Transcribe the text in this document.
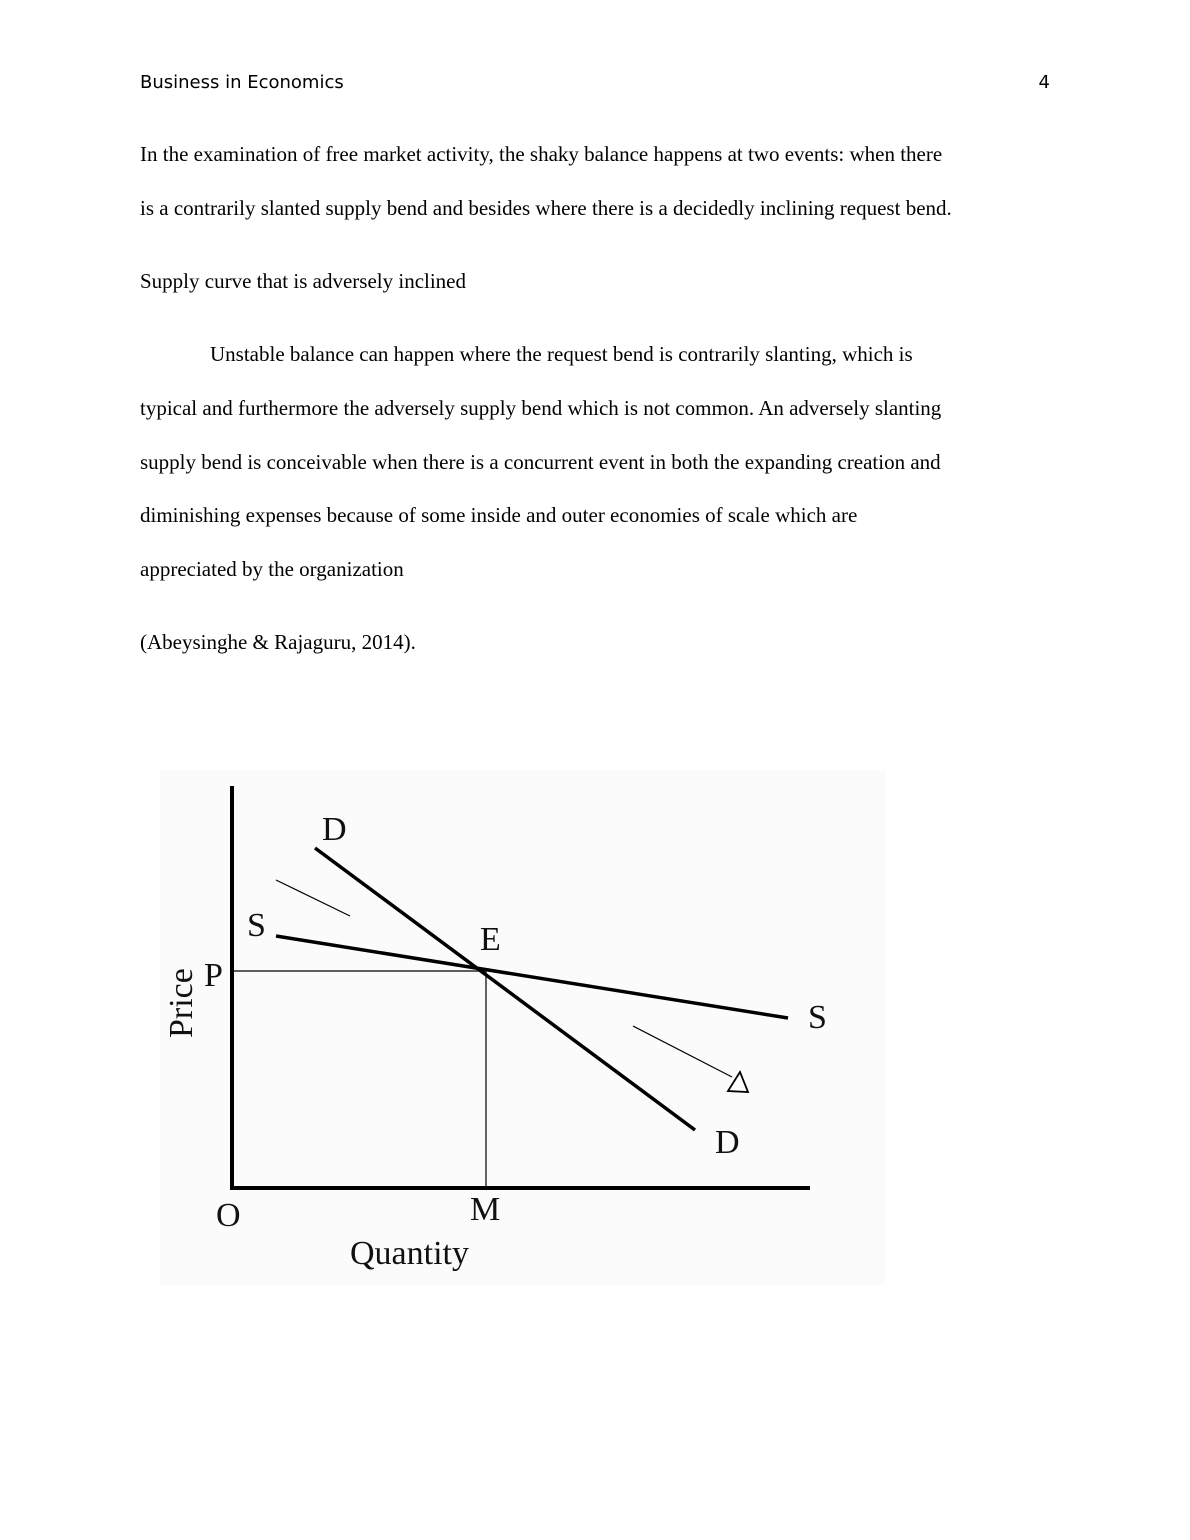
Business in Economics	4

In the examination of free market activity, the shaky balance happens at two events: when there

is a contrarily slanted supply bend and besides where there is a decidedly inclining request bend.

Supply curve that is adversely inclined

Unstable balance can happen where the request bend is contrarily slanting, which is

typical and furthermore the adversely supply bend which is not common. An adversely slanting

supply bend is conceivable when there is a concurrent event in both the expanding creation and

diminishing expenses because of some inside and outer economies of scale which are

appreciated by the organization

(Abeysinghe & Rajaguru, 2014).

D
S	E
P
S
D
O	M
Quantity
Price
